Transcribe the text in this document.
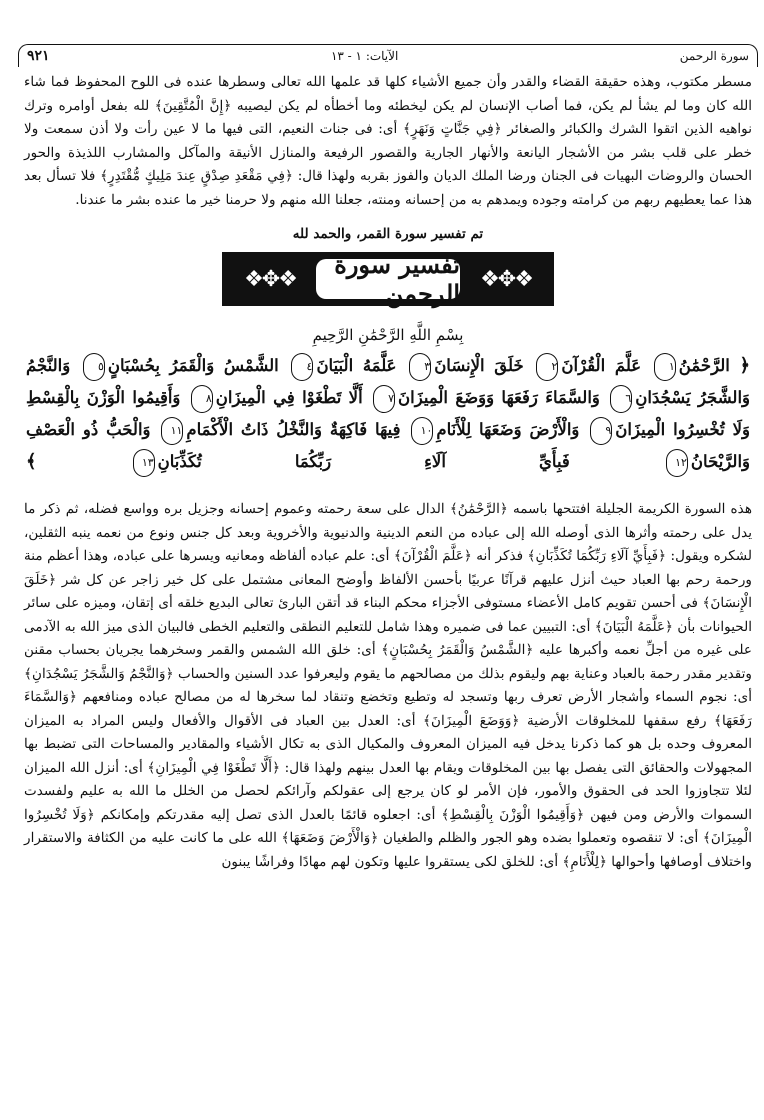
سورة الرحمن
الآيات: ١ - ١٣
٩٢١

مسطر مكتوب، وهذه حقيقة القضاء والقدر وأن جميع الأشياء كلها قد علمها الله تعالى وسطرها عنده فى اللوح المحفوظ فما شاء الله كان وما لم يشأ لم يكن، فما أصاب الإنسان لم يكن ليخطئه وما أخطأه لم يكن ليصيبه ﴿إِنَّ الْمُتَّقِينَ﴾ لله بفعل أوامره وترك نواهيه الذين اتقوا الشرك والكبائر والصغائر ﴿فِي جَنَّاتٍ وَنَهَرٍ﴾ أى: فى جنات النعيم، التى فيها ما لا عين رأت ولا أذن سمعت ولا خطر على قلب بشر من الأشجار اليانعة والأنهار الجارية والقصور الرفيعة والمنازل الأنيقة والمآكل والمشارب اللذيذة والحور الحسان والروضات البهيات فى الجنان ورضا الملك الديان والفوز بقربه ولهذا قال: ﴿فِي مَقْعَدِ صِدْقٍ عِندَ مَلِيكٍ مُّقْتَدِرٍ﴾ فلا تسأل بعد هذا عما يعطيهم ربهم من كرامته وجوده ويمدهم به من إحسانه ومنته، جعلنا الله منهم ولا حرمنا خير ما عنده بشر ما عندنا.

تم تفسير سورة القمر، والحمد لله
❖✥❖
تفسير سورة الرحمن
❖✥❖
بِسْمِ اللَّهِ الرَّحْمَٰنِ الرَّحِيمِ
﴿ الرَّحْمَٰنُ١ عَلَّمَ الْقُرْآنَ٢ خَلَقَ الْإِنسَانَ٣ عَلَّمَهُ الْبَيَانَ٤ الشَّمْسُ وَالْقَمَرُ بِحُسْبَانٍ٥ وَالنَّجْمُ وَالشَّجَرُ يَسْجُدَانِ٦ وَالسَّمَاءَ رَفَعَهَا وَوَضَعَ الْمِيزَانَ٧ أَلَّا تَطْغَوْا فِي الْمِيزَانِ٨ وَأَقِيمُوا الْوَزْنَ بِالْقِسْطِ وَلَا تُخْسِرُوا الْمِيزَانَ٩ وَالْأَرْضَ وَضَعَهَا لِلْأَنَامِ١٠ فِيهَا فَاكِهَةٌ وَالنَّخْلُ ذَاتُ الْأَكْمَامِ١١ وَالْحَبُّ ذُو الْعَصْفِ وَالرَّيْحَانُ١٢ فَبِأَيِّ آلَاءِ رَبِّكُمَا تُكَذِّبَانِ١٣ ﴾

هذه السورة الكريمة الجليلة افتتحها باسمه ﴿الرَّحْمَٰنُ﴾ الدال على سعة رحمته وعموم إحسانه وجزيل بره وواسع فضله، ثم ذكر ما يدل على رحمته وأثرها الذى أوصله الله إلى عباده من النعم الدينية والدنيوية والأخروية وبعد كل جنس ونوع من نعمه ينبه الثقلين، لشكره ويقول: ﴿فَبِأَيِّ آلَاءِ رَبِّكُمَا تُكَذِّبَانِ﴾ فذكر أنه ﴿عَلَّمَ الْقُرْآنَ﴾ أى: علم عباده ألفاظه ومعانيه ويسرها على عباده، وهذا أعظم منة ورحمة رحم بها العباد حيث أنزل عليهم قرآنًا عربيًا بأحسن الألفاظ وأوضح المعانى مشتمل على كل خير زاجر عن كل شر ﴿خَلَقَ الْإِنسَانَ﴾ فى أحسن تقويم كامل الأعضاء مستوفى الأجزاء محكم البناء قد أتقن البارئ تعالى البديع خلقه أى إتقان، وميزه على سائر الحيوانات بأن ﴿عَلَّمَهُ الْبَيَانَ﴾ أى: التبيين عما فى ضميره وهذا شامل للتعليم النطقى والتعليم الخطى فالبيان الذى ميز الله به الآدمى على غيره من أجلِّ نعمه وأكبرها عليه ﴿الشَّمْسُ وَالْقَمَرُ بِحُسْبَانٍ﴾ أى: خلق الله الشمس والقمر وسخرهما يجريان بحساب مقنن وتقدير مقدر رحمة بالعباد وعناية بهم وليقوم بذلك من مصالحهم ما يقوم وليعرفوا عدد السنين والحساب ﴿وَالنَّجْمُ وَالشَّجَرُ يَسْجُدَانِ﴾ أى: نجوم السماء وأشجار الأرض تعرف ربها وتسجد له وتطيع وتخضع وتنقاد لما سخرها له من مصالح عباده ومنافعهم ﴿وَالسَّمَاءَ رَفَعَهَا﴾ رفع سقفها للمخلوقات الأرضية ﴿وَوَضَعَ الْمِيزَانَ﴾ أى: العدل بين العباد فى الأقوال والأفعال وليس المراد به الميزان المعروف وحده بل هو كما ذكرنا يدخل فيه الميزان المعروف والمكيال الذى به تكال الأشياء والمقادير والمساحات التى تضبط بها المجهولات والحقائق التى يفصل بها بين المخلوقات ويقام بها العدل بينهم ولهذا قال: ﴿أَلَّا تَطْغَوْا فِي الْمِيزَانِ﴾ أى: أنزل الله الميزان لئلا تتجاوزوا الحد فى الحقوق والأمور، فإن الأمر لو كان يرجع إلى عقولكم وآرائكم لحصل من الخلل ما الله به عليم ولفسدت السموات والأرض ومن فيهن ﴿وَأَقِيمُوا الْوَزْنَ بِالْقِسْطِ﴾ أى: اجعلوه قائمًا بالعدل الذى تصل إليه مقدرتكم وإمكانكم ﴿وَلَا تُخْسِرُوا الْمِيزَانَ﴾ أى: لا تنقصوه وتعملوا بضده وهو الجور والظلم والطغيان ﴿وَالْأَرْضَ وَضَعَهَا﴾ الله على ما كانت عليه من الكثافة والاستقرار واختلاف أوصافها وأحوالها ﴿لِلْأَنَامِ﴾ أى: للخلق لكى يستقروا عليها وتكون لهم مهادًا وفراشًا يبنون
